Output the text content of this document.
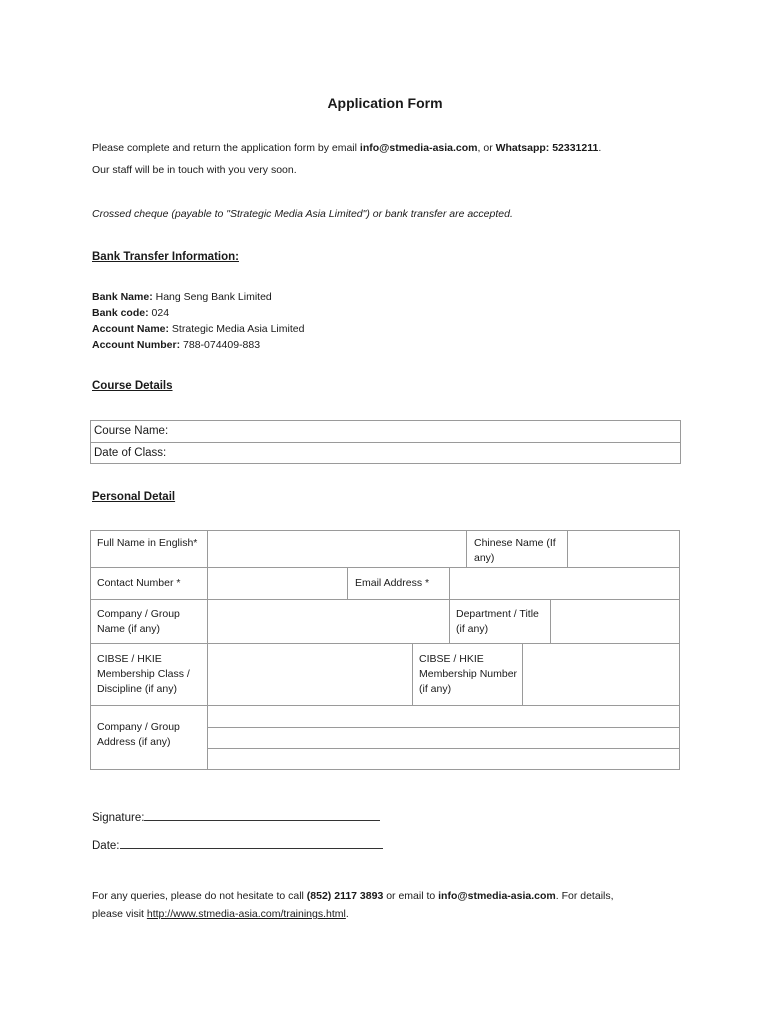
Application Form
Please complete and return the application form by email info@stmedia-asia.com, or Whatsapp: 52331211.
Our staff will be in touch with you very soon.
Crossed cheque (payable to "Strategic Media Asia Limited") or bank transfer are accepted.
Bank Transfer Information:
Bank Name: Hang Seng Bank Limited
Bank code: 024
Account Name: Strategic Media Asia Limited
Account Number: 788-074409-883
Course Details
Course Name:
Date of Class:
Personal Detail
Full Name in English*	Chinese Name (If any)
Contact Number *	Email Address *
Company / Group Name (if any)
Department / Title (if any)
CIBSE / HKIE Membership Class / Discipline (if any)
CIBSE / HKIE Membership Number (if any)
Company / Group Address (if any)
Signature:
Date:
For any queries, please do not hesitate to call (852) 2117 3893 or email to info@stmedia-asia.com. For details,
please visit http://www.stmedia-asia.com/trainings.html.
